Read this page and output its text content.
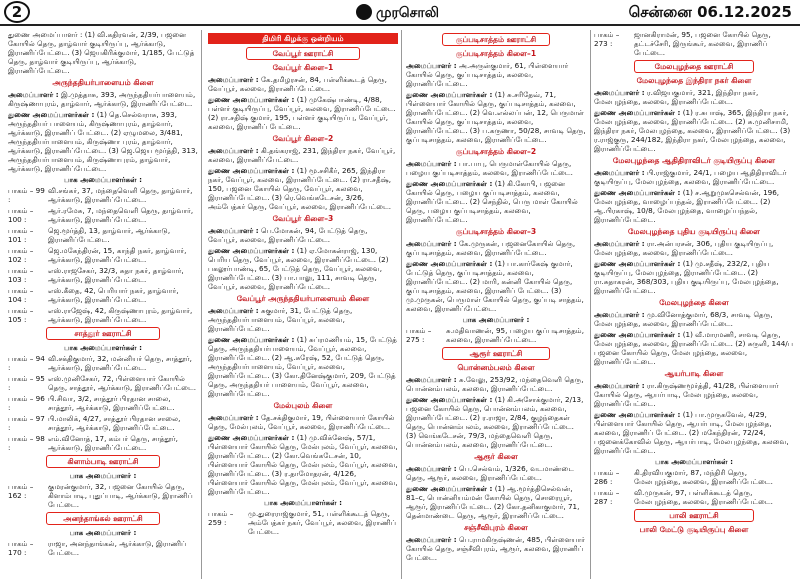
2	முரசொலி	சென்னை 06.12.2025
துணை அமைப்பாளர் : (1) வி.கதிரவன், 2/39, பஜனை கோயில் தெரு, தாழ்வார் குடியிருப்பு, ஆர்க்காடு, இராணிப்பேட்டை. (3) ஜெயகிரிக்குமார், 1/185, பேட்டுத் தெரு, தாழ்வார் குடியிருப்பு, ஆர்க்காடு, இராணிப்பேட்டை.
அருந்ததியர்பாளையம் கிளை
அமைப்பாளர் : இ.முத்தாசு, 393, அருந்ததியர்பாளையம், கிருஷ்ணாபுரம், தாழ்வார், ஆர்க்காடு, இராணிப்பேட்டை.
துணை அமைப்பாளர்கள் : (1) தெ.செல்வராசு, 393, அருந்ததியர் பாளையம், கிருஷ்ணாபுரம், தாழ்வார், ஆர்க்காடு, இராணிப் பேட்டை. (2) ஏழுமலை, 3/481, அருந்ததியர்பாளையம், கிருஷ்ணா புரம், தாழ்வார், ஆர்க்காடு, இராணிப்பேட்டை. (3) ஜெ.ஜெய மூர்த்தி, 313, அருந்ததியர்பாளையம், கிருஷ்ணாபுரம், தாழ்வார், ஆர்க்காடு, இராணிப்பேட்டை.
பாக அமைப்பாளர்கள் :
பாகம் – 99 :
வி.சங்கர், 37, மந்தைவெளி தெரு, தாழ்வார், ஆர்க்காடு, இராணிப்பேட்டை.
பாகம் – 100 :
ஆர்.ரமேசு, 7, மந்தைவெளி தெரு, தாழ்வார், ஆர்க்காடு, இராணிப்பேட்டை.
பாகம் – 101 :
ஜெ.மூர்த்தி, 13, தாழ்வார், ஆர்க்காடு, இராணிப்பேட்டை.
பாகம் – 102 :
ஜெ.மகேந்திரன், 15, காந்தி நகர், தாழ்வார், ஆர்க்காடு, இராணிப்பேட்டை.
பாகம் – 103 :
எஸ்.ராஜசேகர், 32/3, சுதா நகர், தாழ்வார், ஆர்க்காடு, இராணிப்பேட்டை.
பாகம் – 104 :
எஸ்.கீதை, 42, பெரியார் நகர், தாழ்வார், ஆர்க்காடு, இராணிப்பேட்டை.
பாகம் – 105 :
எஸ்.ராஜேஷ், 42, கிருஷ்ணாபுரம், தாழ்வார், ஆர்க்காடு, இராணிப்பேட்டை.
சாத்தூர் ஊராட்சி
பாக அமைப்பாளர்கள் :
பாகம் – 94 :
வி.சக்திகுமார், 32, மன்னியர் தெரு, சாத்தூர், ஆர்க்காடு, இராணிப்பேட்டை.
பாகம் – 95 :
எஸ்.முனிசேகர், 72, பிள்ளையார் கோயில் தெரு, சாத்தூர், ஆர்க்காடு, இராணிப்பேட்டை.
பாகம் – 96 :
பி.சிவா, 3/2, சாத்தூர் பிரதான சாலை, சாத்தூர், ஆர்க்காடு, இராணிப்பேட்டை.
பாகம் – 97 :
பி.மாலிக், 4/27, சாத்தூர் பிரதான சாலை, சாத்தூர், ஆர்க்காடு, இராணிப்பேட்டை.
பாகம் – 98 :
எம்.வினோத், 17, கம்பர் தெரு, சாத்தூர், ஆர்க்காடு, இராணிப்பேட்டை.
கிளாம்பாடி ஊராட்சி
பாக அமைப்பாளர் :
பாகம் – 162 :
குமரன்குமார், 32, பஜனை கோயில் தெரு, கிளாம்பாடி, புதுப்பாடி, ஆர்க்காடு, இராணிப் பேட்டை.
அனந்தாங்கல் ஊராட்சி
பாக அமைப்பாளர் :
பாகம் – 170 :
ராஜா, அனந்தாங்கல், ஆர்க்காடு, இராணிப் பேட்டை.
திமிரி கிழக்கு ஒன்றியம்
வேப்பூர் ஊராட்சி
வேப்பூர் கிளை–1
அமைப்பாளர் : கே.தமிழரசன், 84, பள்ளிக்கூடத் தெரு, வேப்பூர், கலவை, இராணிப்பேட்டை.
துணை அமைப்பாளர்கள் : (1) முகேஷ்பாண்டி, 4/88, பள்ளர் குடியிருப்பு, வேப்பூர், கலவை, இராணிப்பேட்டை. (2) ரா.சதிஷ் குமார், 195, பள்ளர் குடியிருப்பு, வேப்பூர், கலவை, இராணிப் பேட்டை.
வேப்பூர் கிளை–2
அமைப்பாளர் : கி.தங்கராஜ், 231, இந்திரா நகர், வேப்பூர், கலவை, இராணிப்பேட்டை.
துணை அமைப்பாளர்கள் : (1) மூ.சசிகீர், 265, இந்திரா நகர், வேப்பூர், கலவை, இராணிப்பேட்டை. (2) ரா.சதீஷ், 150, பஜனை கோயில் தெரு, வேப்பூர், கலவை, இராணிப்பேட்டை. (3) ரெ.வெங்கடேசன், 3/26, அம்பேத்கர் தெரு, வேப்பூர், கலவை, இராணிப்பேட்டை.
வேப்பூர் கிளை–3
அமைப்பாளர் : பெ.மோகன், 94, பேட்டுத் தெரு, வேப்பூர், கலவை, இராணிப்பேட்டை.
துணை அமைப்பாளர்கள் : (1) ஏ.மோகன்ராஜ், 130, பெரிய தெரு, வேப்பூர், கலவை, இராணிப்பேட்டை. (2) பகலூர்பாண்டி, 65, பேட்டுத் தெரு, வேப்பூர், கலவை, இராணிப்பேட்டை. (3) பா.பாலு, 111, சாவடி தெரு, வேப்பூர், கலவை, இராணிப்பேட்டை.
வேப்பூர் அருந்ததியர்பாளையம் கிளை
அமைப்பாளர் : சுகுமார், 31, பேட்டுத் தெரு, அருந்ததியர்பாளையம், வேப்பூர், கலவை, இராணிப்பேட்டை.
துணை அமைப்பாளர்கள் : (1) சுப்ரமணியம், 15, பேட்டுத் தெரு, அருந்ததியர்பாளையம், வேப்பூர், கலவை, இராணிப்பேட்டை. (2) ஆ.சுரேஷ், 52, பேட்டுத் தெரு, அருந்ததியர்பாளையம், வேப்பூர், கலவை, இராணிப்பேட்டை. (3) கோ.தினேஷ்குமார், 209, பேட்டுத் தெரு, அருந்ததியர் பாளையம், வேப்பூர், கலவை, இராணிப்பேட்டை.
மேல்புலம் கிளை
அமைப்பாளர் : தே.சக்திகுமார், 19, பிள்ளையார் கோயில் தெரு, மேல்புலம், வேப்பூர், கலவை, இராணிப்பேட்டை.
துணை அமைப்பாளர்கள் : (1) மு.விக்னேஷ், 57/1, பிள்ளையார் கோயில் தெரு, மேல்புலம், வேப்பூர், கலவை, இராணிப்பேட்டை. (2) கோ.வெங்கடேசன், 10, பிள்ளையார் கோயில் தெரு, மேல்புலம், வேப்பூர், கலவை, இராணிப்பேட்டை. (3) ர.தாமோதரன், 4/126, பிள்ளையார் கோயில் தெரு, மேல்புலம், வேப்பூர், கலவை, இராணிப்பேட்டை.
பாக அமைப்பாளர்கள் :
பாகம் – 259 :
மு.துரைராஜ்குமார், 51, பள்ளிக்கூடத் தெரு, அம்பேத்கர் நகர், வேப்பூர், கலவை, இராணிப் பேட்டை.
குப்படிசாத்தம் ஊராட்சி
குப்படிசாத்தம் கிளை–1
அமைப்பாளர் : அ.அருள்குமார், 61, பிள்ளையார் கோயில் தெரு, குப்படிசாத்தம், கலவை, இராணிப்பேட்டை.
துணை அமைப்பாளர்கள் : (1) சு.சரிதேவ், 71, பிள்ளையார் கோயில் தெரு, குப்படிசாத்தம், கலவை, இராணிப்பேட்டை. (2) வெ.எல்லப்பன், 12, பெருமாள் கோயில் தெரு, குப்படிசாத்தம், கலவை, இராணிப்பேட்டை. (3) ப.கருணா, 50/28, சாவடி தெரு, குப்படிசாத்தம், கலவை, இராணிப்பேட்டை.
குப்படிசாத்தம் கிளை–2
அமைப்பாளர் : பா.பாபு, பெருமாள்கோயில் தெரு, பழைய குப்படிசாத்தம், கலவை, இராணிப்பேட்டை.
துணை அமைப்பாளர்கள் : (1) கி.கோபி, பஜனை கோயில் தெரு, பழைய குப்படிசாத்தம், கலவை, இராணிப்பேட்டை. (2) செந்தில், பெரு மாள் கோயில் தெரு, பழைய குப்படிசாத்தம், கலவை, இராணிப்பேட்டை.
குப்படிசாத்தம் கிளை–3
அமைப்பாளர் : கே.முருகன், பஜனைகோயில் தெரு, குப்படிசாத்தம், கலவை, இராணிப்பேட்டை.
துணை அமைப்பாளர்கள் : (1) பா.கார்கேஷ் குமார், பேட்டுத் தெரு, குப்படிசாத்தம், கலவை, இராணிப்பேட்டை. (2) மாரி, கன்னி கோயில் தெரு, குப்படிசாத்தம், கலவை, இராணிப் பேட்டை. (3) மு.முருகன், பெருமாள் கோயில் தெரு, குப்படி சாத்தம், கலவை, இராணிப்பேட்டை.
பாக அமைப்பாளர் :
பாகம் – 275 :
சு.மதிவாணன், 95, பழைய குப்படிசாத்தம், கலவை, இராணிப்பேட்டை.
ஆரூர் ஊராட்சி
பொன்னம்பலம் கிளை
அமைப்பாளர் : சு.வேலு, 253/92, மந்தைவெளி தெரு, பொன்னம்பலம், கலவை, இராணிப்பேட்டை.
துணை அமைப்பாளர்கள் : (1) கி.அசோக்குமார், 2/13, பஜனை கோயில் தெரு, பொன்னம்பலம், கலவை, இராணிப்பேட்டை. (2) ர.ராஜா, 2/84, குழந்தைகள் தெரு, பொன்னம்பலம், கலவை, இராணிப்பேட்டை. (3) வெங்கடேசன், 79/3, மந்தைவெளி தெரு, பொன்னம்பலம், கலவை, இராணிப்பேட்டை.
ஆரூர் கிளை
அமைப்பாளர் : பெ.செல்வம், 1/326, வடமாண்டை தெரு, ஆரூர், கலவை, இராணிப்பேட்டை.
துணை அமைப்பாளர்கள் : (1) ஆ.மூர்த்திசெல்வன், 81–c, பொன்னியம்மன் கோயில் தெரு, சொரையூர், ஆரூர், இராணிப்பேட்டை. (2) கோ.தனிகாகுமார், 71, தென்மாண்டை தெரு, ஆரூர், இராணிப்பேட்டை.
சஞ்சீவிபுரம் கிளை
அமைப்பாளர் : பெ.ராமகிருஷ்ணன், 485, பிள்ளையார் கோயில் தெரு, சஞ்சீவிபுரம், ஆரூர், கலவை, இராணிப் பேட்டை.
பாகம் – 273 :
ஜானகிராமன், 95, பஜனை கோயில் தெரு, தட்டச்சேரி, இருங்கூர், கலவை, இராணிப் பேட்டை.
மேலபுழந்தை ஊராட்சி
மேலபுழந்தை இந்திரா நகர் கிளை
அமைப்பாளர் : ர.விஜயகுமார், 321, இந்திரா நகர், மேலபுழந்தை, கலவை, இராணிப்பேட்டை.
துணை அமைப்பாளர்கள் : (1) ர.சுபாஷ், 365, இந்திரா நகர், மேலபுழந்தை, கலவை, இராணிப்பேட்டை. (2) சு.முனிசாமி, இந்திரா நகர், மேலபுழந்தை, கலவை, இராணிப்பேட்டை. (3) ர.ராஜ்குரு, 244/182, இந்திரா நகர், மேலபுழந்தை, கலவை, இராணிப்பேட்டை.
மேலபுழந்தை ஆதிதிராவிடர் குடியிருப்பு கிளை
அமைப்பாளர் : பி.ராஜ்குமார், 24/1, பழைய ஆதிதிராவிடர் குடியிருப்பு, மேலபுழந்தை, கலவை, இராணிப்பேட்டை.
துணை அமைப்பாளர்கள் : (1) ச.ஆறுமுகசெல்வன், 196, மேலபுழந்தை, வாழைப்பந்தல், இராணிப்பேட்டை. (2) ஆ.பிரகாஷ், 10/8, மேலபுழந்தை, வாழைப்பந்தல், இராணிப்பேட்டை.
மேலபுழந்தை புதிய குடியிருப்பு கிளை
அமைப்பாளர் : ரா.அன்பரசன், 306, புதிய குடியிருப்பு, மேலபுழந்தை, கலவை, இராணிப்பேட்டை.
துணை அமைப்பாளர்கள் : (1) மு.சதீஷ், 232/2, புதிய குடியிருப்பு, மேலபுழந்தை, இராணிப்பேட்டை. (2) ரா.சுதாகரன், 368/303, புதிய குடியிருப்பு, மேலபுழந்தை, இராணிப்பேட்டை.
மேலபுழந்தை கிளை
அமைப்பாளர் : மு.வினோத்குமார், 68/3, சாவடி தெரு, மேலபுழந்தை, கலவை, இராணிப்பேட்டை.
துணை அமைப்பாளர்கள் : (1) வீ.மாரமணி, சாவடி தெரு, மேலபுழந்தை, கலவை, இராணிப்பேட்டை. (2) சுருளி, 144/ப பஜனை கோயில் தெரு, மேலபுழந்தை, கலவை, இராணிப்பேட்டை.
ஆயர்பாடி கிளை
அமைப்பாளர் : ரா.கிருஷ்ணமூர்த்தி, 41/28, பிள்ளையார் கோயில் தெரு, ஆயர்பாடி, மேலபுழந்தை, கலவை, இராணிப்பேட்டை.
துணை அமைப்பாளர்கள் : (1) பா.முருகவேல், 4/29, பிள்ளையார் கோயில் தெரு, ஆயர்பாடி, மேலபுழந்தை, கலவை, இராணிப் பேட்டை. (2) மகேந்திரன், 72/24, பஜனைக்கோவில் தெரு, ஆயர்பாடி, மேலபுழந்தை, கலவை, இராணிப்பேட்டை.
பாக அமைப்பாளர்கள் :
பாகம் – 286 :
கி.திரவியகுமார், 87, மந்திரி தெரு, மேலபுழந்தை, கலவை, இராணிப்பேட்டை.
பாகம் – 287 :
வி.முருகன், 97, பள்ளிக்கூடத் தெரு, மேலபுழந்தை, கலவை, இராணிப்பேட்டை.
பாலி ஊராட்சி
பாலி மேட்டு குடியிருப்பு கிளை
